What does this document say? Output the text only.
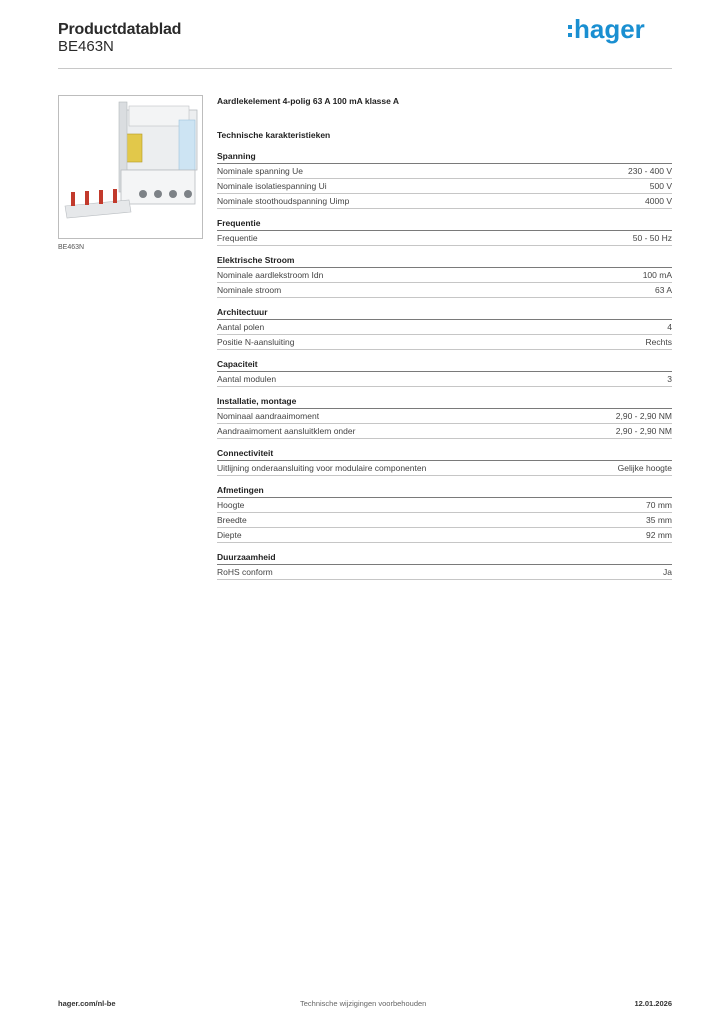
Productdatablad
BE463N
hager
BE463N
Aardlekelement 4-polig 63 A 100 mA klasse A
Technische karakteristieken
Spanning
Nominale spanning Ue	230 - 400 V
Nominale isolatiespanning Ui	500 V
Nominale stoothoudspanning Uimp	4000 V
Frequentie
Frequentie	50 - 50 Hz
Elektrische Stroom
Nominale aardlekstroom Idn	100 mA
Nominale stroom	63 A
Architectuur
Aantal polen	4
Positie N-aansluiting	Rechts
Capaciteit
Aantal modulen	3
Installatie, montage
Nominaal aandraaimoment	2,90 - 2,90 NM
Aandraaimoment aansluitklem onder	2,90 - 2,90 NM
Connectiviteit
Uitlijning onderaansluiting voor modulaire componenten	Gelijke hoogte
Afmetingen
Hoogte	70 mm
Breedte	35 mm
Diepte	92 mm
Duurzaamheid
RoHS conform	Ja
hager.com/nl-be	Technische wijzigingen voorbehouden	12.01.2026
